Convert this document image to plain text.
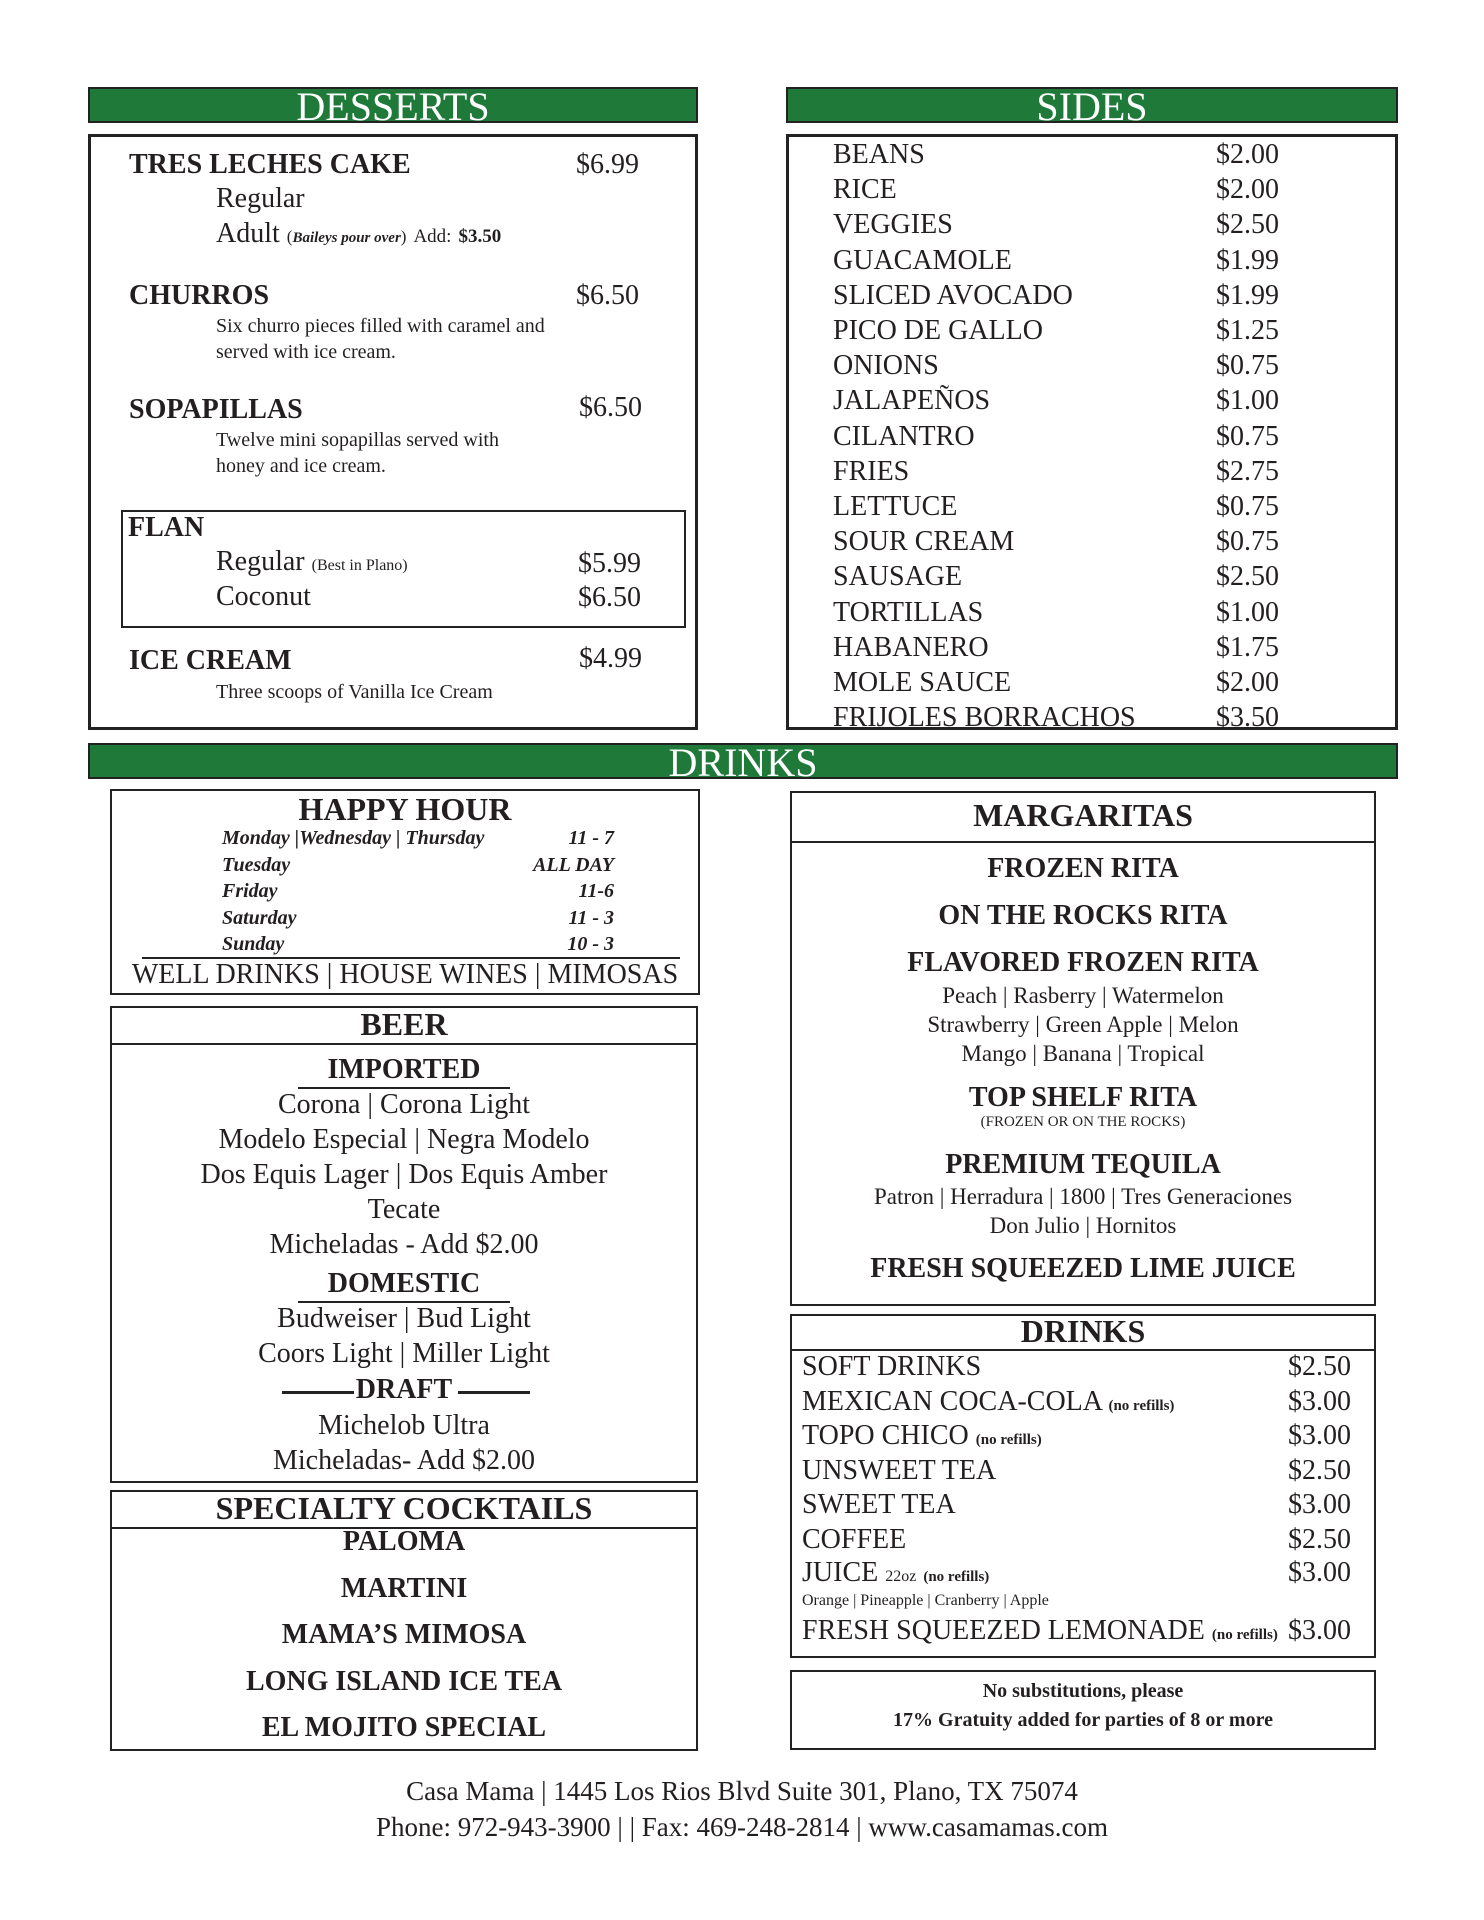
DESSERTS
TRES LECHES CAKE	$6.99
Regular
Adult (Baileys pour over) Add: $3.50
CHURROS	$6.50
Six churro pieces filled with caramel and
served with ice cream.
SOPAPILLAS	$6.50
Twelve mini sopapillas served with
honey and ice cream.
FLAN
Regular (Best in Plano)	$5.99
Coconut	$6.50
ICE CREAM	$4.99
Three scoops of Vanilla Ice Cream
SIDES
BEANS	$2.00
RICE	$2.00
VEGGIES	$2.50
GUACAMOLE	$1.99
SLICED AVOCADO	$1.99
PICO DE GALLO	$1.25
ONIONS	$0.75
JALAPEÑOS	$1.00
CILANTRO	$0.75
FRIES	$2.75
LETTUCE	$0.75
SOUR CREAM	$0.75
SAUSAGE	$2.50
TORTILLAS	$1.00
HABANERO	$1.75
MOLE SAUCE	$2.00
FRIJOLES BORRACHOS	$3.50
DRINKS
HAPPY HOUR
Monday |Wednesday | Thursday	11 - 7
Tuesday	ALL DAY
Friday	11-6
Saturday	11 - 3
Sunday	10 - 3
WELL DRINKS | HOUSE WINES | MIMOSAS
BEER
IMPORTED
Corona | Corona Light
Modelo Especial | Negra Modelo
Dos Equis Lager | Dos Equis Amber
Tecate
Micheladas - Add $2.00
DOMESTIC
Budweiser | Bud Light
Coors Light | Miller Light
DRAFT
Michelob Ultra
Micheladas- Add $2.00
SPECIALTY COCKTAILS
PALOMA
MARTINI
MAMA’S MIMOSA
LONG ISLAND ICE TEA
EL MOJITO SPECIAL
MARGARITAS
FROZEN RITA
ON THE ROCKS RITA
FLAVORED FROZEN RITA
Peach | Rasberry | Watermelon
Strawberry | Green Apple | Melon
Mango | Banana | Tropical
TOP SHELF RITA
(FROZEN OR ON THE ROCKS)
PREMIUM TEQUILA
Patron | Herradura | 1800 | Tres Generaciones
Don Julio | Hornitos
FRESH SQUEEZED LIME JUICE
DRINKS
SOFT DRINKS	$2.50
MEXICAN COCA-COLA (no refills)	$3.00
TOPO CHICO (no refills)	$3.00
UNSWEET TEA	$2.50
SWEET TEA	$3.00
COFFEE	$2.50
JUICE 22oz (no refills)	$3.00
Orange | Pineapple | Cranberry | Apple
FRESH SQUEEZED LEMONADE (no refills) $3.00
No substitutions, please
17% Gratuity added for parties of 8 or more
Casa Mama | 1445 Los Rios Blvd Suite 301, Plano, TX 75074
Phone: 972-943-3900 | | Fax: 469-248-2814 | www.casamamas.com
